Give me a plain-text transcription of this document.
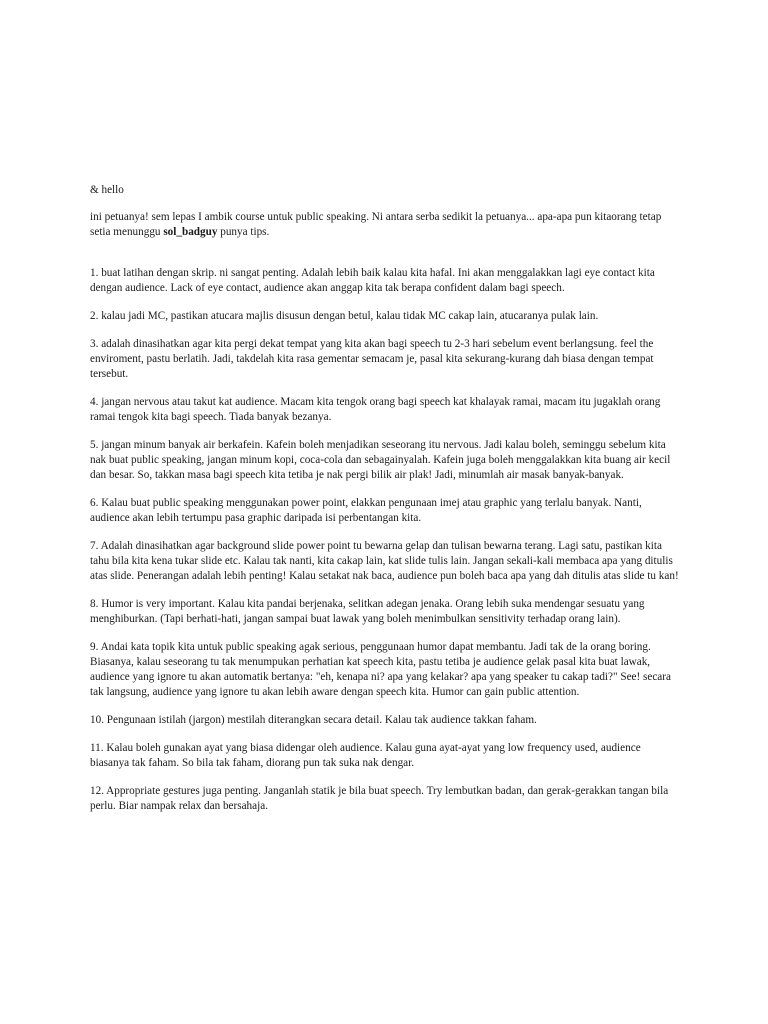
& hello

ini petuanya! sem lepas I ambik course untuk public speaking. Ni antara serba sedikit la petuanya... apa-apa pun kitaorang tetap setia menunggu sol_badguy punya tips.

1. buat latihan dengan skrip. ni sangat penting. Adalah lebih baik kalau kita hafal. Ini akan menggalakkan lagi eye contact kita dengan audience. Lack of eye contact, audience akan anggap kita tak berapa confident dalam bagi speech.

2. kalau jadi MC, pastikan atucara majlis disusun dengan betul, kalau tidak MC cakap lain, atucaranya pulak lain.

3. adalah dinasihatkan agar kita pergi dekat tempat yang kita akan bagi speech tu 2-3 hari sebelum event berlangsung. feel the enviroment, pastu berlatih. Jadi, takdelah kita rasa gementar semacam je, pasal kita sekurang-kurang dah biasa dengan tempat tersebut.

4. jangan nervous atau takut kat audience. Macam kita tengok orang bagi speech kat khalayak ramai, macam itu jugaklah orang ramai tengok kita bagi speech. Tiada banyak bezanya.

5. jangan minum banyak air berkafein. Kafein boleh menjadikan seseorang itu nervous. Jadi kalau boleh, seminggu sebelum kita nak buat public speaking, jangan minum kopi, coca-cola dan sebagainyalah. Kafein juga boleh menggalakkan kita buang air kecil dan besar. So, takkan masa bagi speech kita tetiba je nak pergi bilik air plak! Jadi, minumlah air masak banyak-banyak.

6. Kalau buat public speaking menggunakan power point, elakkan pengunaan imej atau graphic yang terlalu banyak. Nanti, audience akan lebih tertumpu pasa graphic daripada isi perbentangan kita.

7. Adalah dinasihatkan agar background slide power point tu bewarna gelap dan tulisan bewarna terang. Lagi satu, pastikan kita tahu bila kita kena tukar slide etc. Kalau tak nanti, kita cakap lain, kat slide tulis lain. Jangan sekali-kali membaca apa yang ditulis atas slide. Penerangan adalah lebih penting! Kalau setakat nak baca, audience pun boleh baca apa yang dah ditulis atas slide tu kan!

8. Humor is very important. Kalau kita pandai berjenaka, selitkan adegan jenaka. Orang lebih suka mendengar sesuatu yang menghiburkan. (Tapi berhati-hati, jangan sampai buat lawak yang boleh menimbulkan sensitivity terhadap orang lain).

9. Andai kata topik kita untuk public speaking agak serious, penggunaan humor dapat membantu. Jadi tak de la orang boring. Biasanya, kalau seseorang tu tak menumpukan perhatian kat speech kita, pastu tetiba je audience gelak pasal kita buat lawak, audience yang ignore tu akan automatik bertanya: "eh, kenapa ni? apa yang kelakar? apa yang speaker tu cakap tadi?" See! secara tak langsung, audience yang ignore tu akan lebih aware dengan speech kita. Humor can gain public attention.

10. Pengunaan istilah (jargon) mestilah diterangkan secara detail. Kalau tak audience takkan faham.

11. Kalau boleh gunakan ayat yang biasa didengar oleh audience. Kalau guna ayat-ayat yang low frequency used, audience biasanya tak faham. So bila tak faham, diorang pun tak suka nak dengar.

12. Appropriate gestures juga penting. Janganlah statik je bila buat speech. Try lembutkan badan, dan gerak-gerakkan tangan bila perlu. Biar nampak relax dan bersahaja.
